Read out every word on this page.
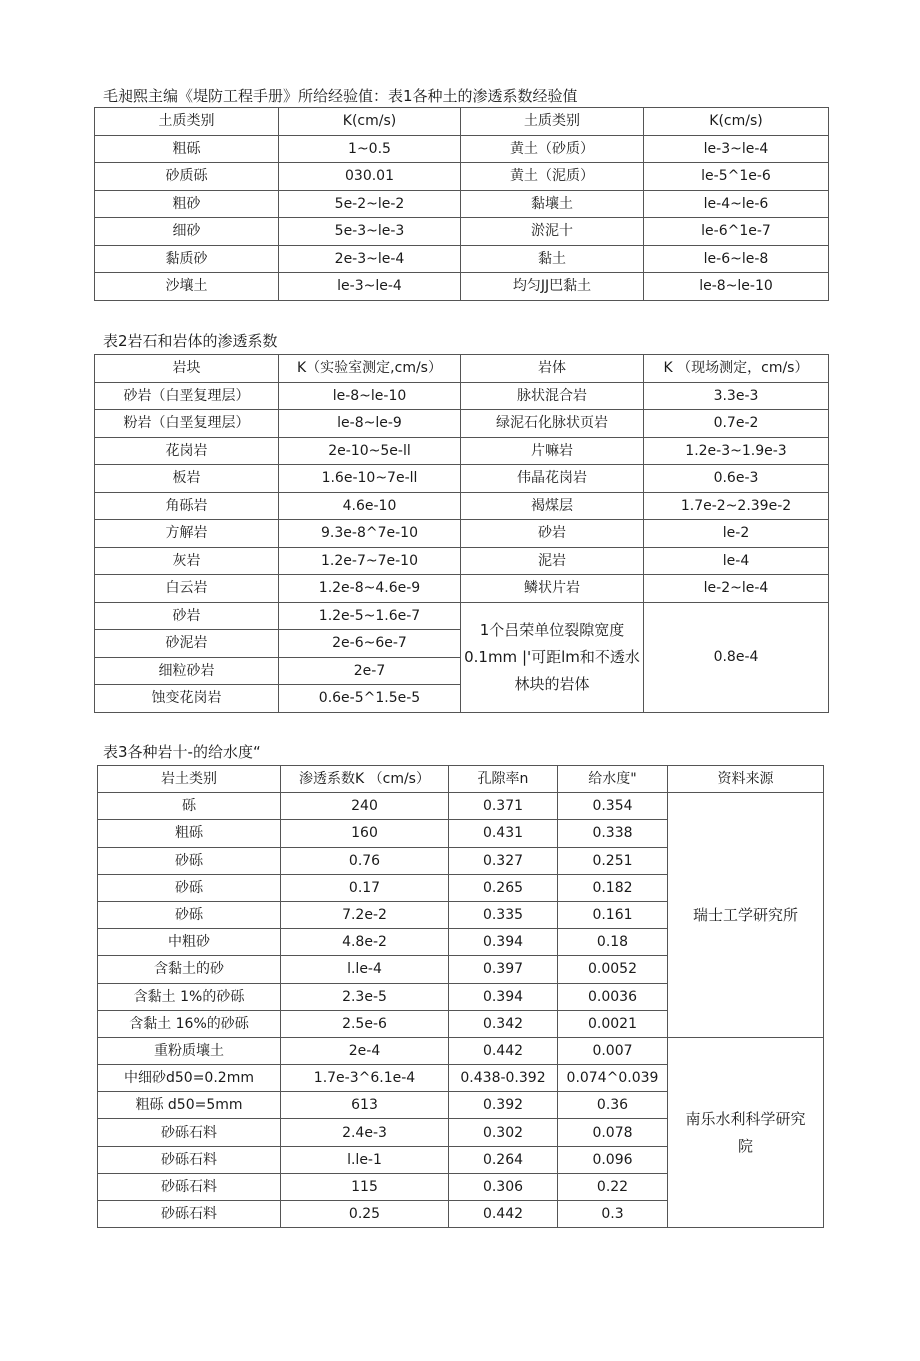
毛昶熙主编《堤防工程手册》所给经验值：表1各种土的渗透系数经验值
土质类别	K(cm/s)	土质类别	K(cm/s)
粗砾	1~0.5	黄土（砂质）	le-3~le-4
砂质砾	030.01	黄土（泥质）	le-5^1e-6
粗砂	5e-2~le-2	黏壤土	le-4~le-6
细砂	5e-3~le-3	淤泥十	le-6^1e-7
黏质砂	2e-3~le-4	黏土	le-6~le-8
沙壤土	le-3~le-4	均匀JJ巴黏土	le-8~le-10
表2岩石和岩体的渗透系数
岩块	K（实验室测定,cm/s）	岩体	K （现场测定，cm/s）
砂岩（白垩复理层）	le-8~le-10	脉状混合岩	3.3e-3
粉岩（白垩复理层）	le-8~le-9	绿泥石化脉状页岩	0.7e-2
花岗岩	2e-10~5e-ll	片嘛岩	1.2e-3~1.9e-3
板岩	1.6e-10~7e-ll	伟晶花岗岩	0.6e-3
角砾岩	4.6e-10	褐煤层	1.7e-2~2.39e-2
方解岩	9.3e-8^7e-10	砂岩	le-2
灰岩	1.2e-7~7e-10	泥岩	le-4
白云岩	1.2e-8~4.6e-9	鳞状片岩	le-2~le-4
砂岩	1.2e-5~1.6e-7	1个吕荣单位裂隙宽度0.1mm |'可距lm和不透水林块的岩体	0.8e-4
砂泥岩	2e-6~6e-7		
细粒砂岩	2e-7		
蚀变花岗岩	0.6e-5^1.5e-5		
表3各种岩十-的给水度“
岩土类别	渗透系数K （cm/s）	孔隙率n	给水度"	资料来源
砾	240	0.371	0.354	瑞士工学研究所
粗砾	160	0.431	0.338	
砂砾	0.76	0.327	0.251	
砂砾	0.17	0.265	0.182	
砂砾	7.2e-2	0.335	0.161	
中粗砂	4.8e-2	0.394	0.18	
含黏土的砂	l.le-4	0.397	0.0052	
含黏土 1%的砂砾	2.3e-5	0.394	0.0036	
含黏土 16%的砂砾	2.5e-6	0.342	0.0021	
重粉质壤土	2e-4	0.442	0.007	南乐水利科学研究院
中细砂d50=0.2mm	1.7e-3^6.1e-4	0.438-0.392	0.074^0.039	
粗砾 d50=5mm	613	0.392	0.36	
砂砾石料	2.4e-3	0.302	0.078	
砂砾石料	l.le-1	0.264	0.096	
砂砾石料	115	0.306	0.22	
砂砾石料	0.25	0.442	0.3	
